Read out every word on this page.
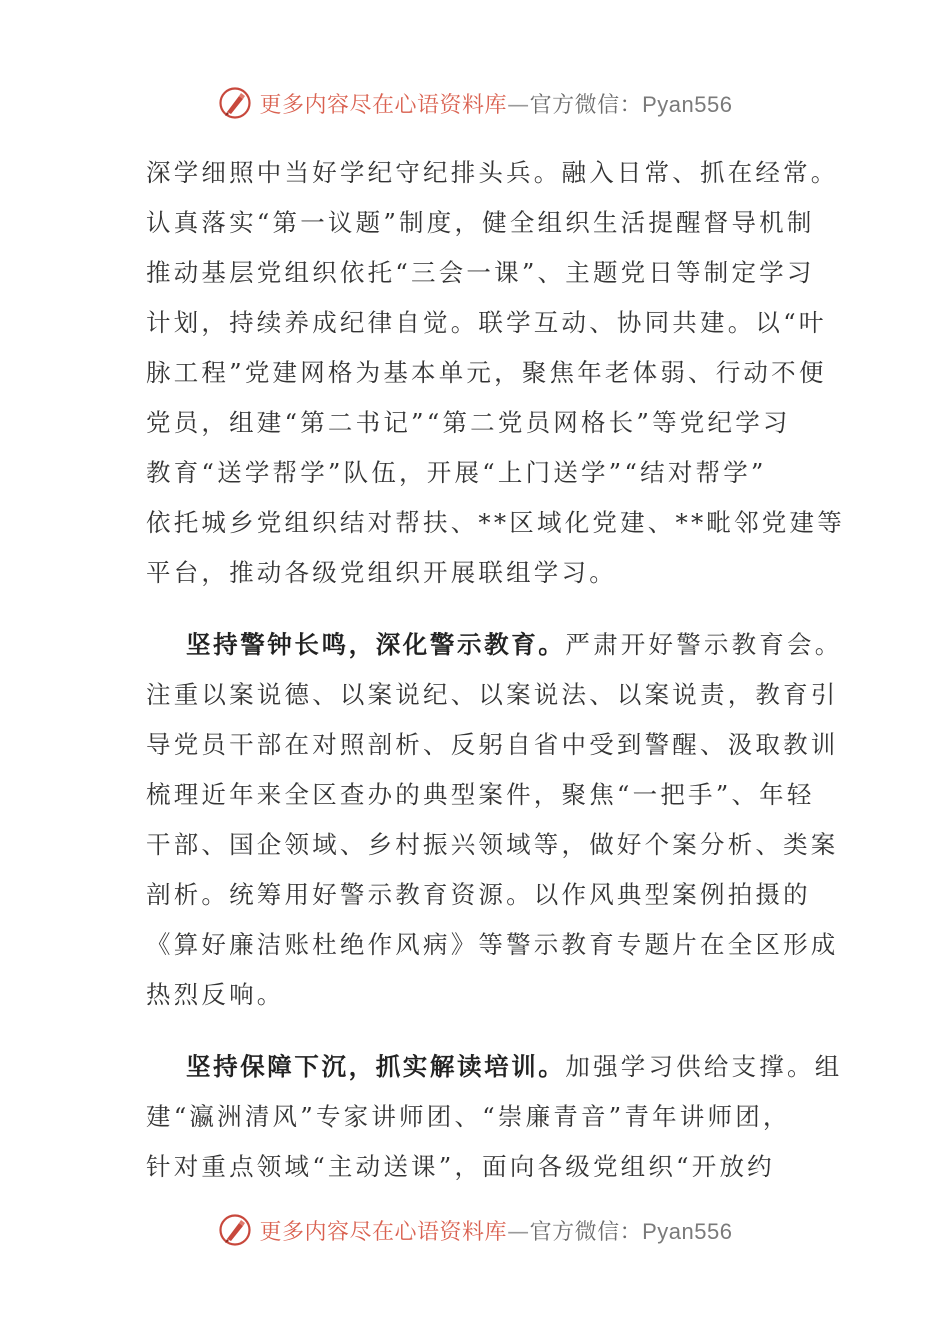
更多内容尽在心语资料库—官方微信：Pyan556
深学细照中当好学纪守纪排头兵。融入日常、抓在经常。
认真落实“第一议题”制度，健全组织生活提醒督导机制
推动基层党组织依托“三会一课”、主题党日等制定学习
计划，持续养成纪律自觉。联学互动、协同共建。以“叶
脉工程”党建网格为基本单元，聚焦年老体弱、行动不便
党员，组建“第二书记”“第二党员网格长”等党纪学习
教育“送学帮学”队伍，开展“上门送学”“结对帮学”
依托城乡党组织结对帮扶、**区域化党建、**毗邻党建等
平台，推动各级党组织开展联组学习。
坚持警钟长鸣，深化警示教育。严肃开好警示教育会。
注重以案说德、以案说纪、以案说法、以案说责，教育引
导党员干部在对照剖析、反躬自省中受到警醒、汲取教训
梳理近年来全区查办的典型案件，聚焦“一把手”、年轻
干部、国企领域、乡村振兴领域等，做好个案分析、类案
剖析。统筹用好警示教育资源。以作风典型案例拍摄的
《算好廉洁账杜绝作风病》等警示教育专题片在全区形成
热烈反响。
坚持保障下沉，抓实解读培训。加强学习供给支撑。组
建“瀛洲清风”专家讲师团、“崇廉青音”青年讲师团，
针对重点领域“主动送课”，面向各级党组织“开放约
更多内容尽在心语资料库—官方微信：Pyan556
